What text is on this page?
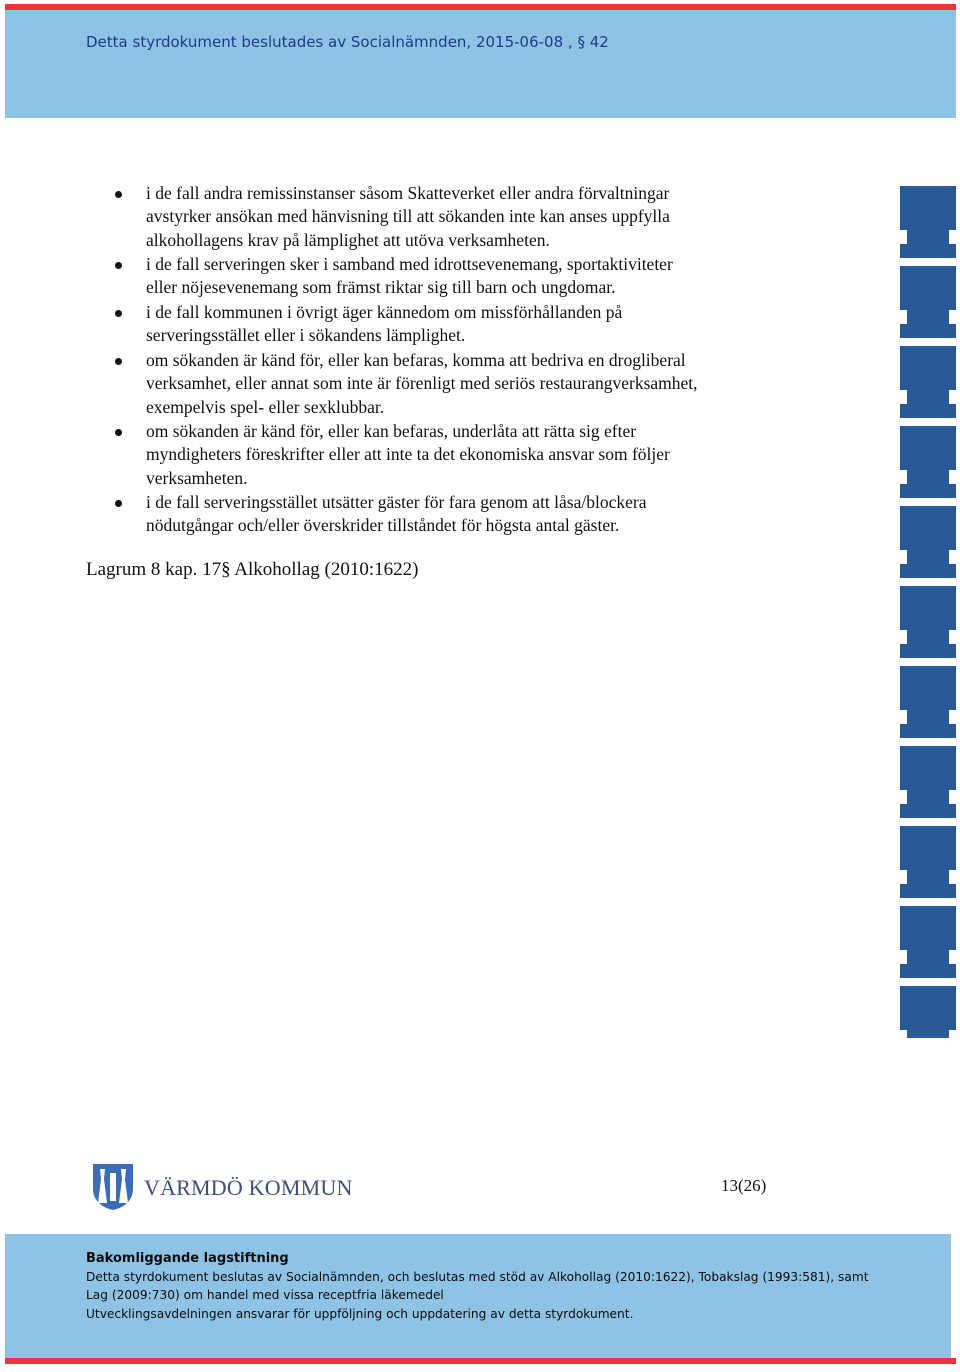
Detta styrdokument beslutades av Socialnämnden, 2015-06-08 , § 42
i de fall andra remissinstanser såsom Skatteverket eller andra förvaltningar
avstyrker ansökan med hänvisning till att sökanden inte kan anses uppfylla
alkohollagens krav på lämplighet att utöva verksamheten.
i de fall serveringen sker i samband med idrottsevenemang, sportaktiviteter
eller nöjesevenemang som främst riktar sig till barn och ungdomar.
i de fall kommunen i övrigt äger kännedom om missförhållanden på
serveringsstället eller i sökandens lämplighet.
om sökanden är känd för, eller kan befaras, komma att bedriva en drogliberal
verksamhet, eller annat som inte är förenligt med seriös restaurangverksamhet,
exempelvis spel- eller sexklubbar.
om sökanden är känd för, eller kan befaras, underlåta att rätta sig efter
myndigheters föreskrifter eller att inte ta det ekonomiska ansvar som följer
verksamheten.
i de fall serveringsstället utsätter gäster för fara genom att låsa/blockera
nödutgångar och/eller överskrider tillståndet för högsta antal gäster.
Lagrum 8 kap. 17§ Alkohollag (2010:1622)
VÄRMDÖ KOMMUN	13(26)
Bakomliggande lagstiftning
Detta styrdokument beslutas av Socialnämnden, och beslutas med stöd av Alkohollag (2010:1622), Tobakslag (1993:581), samt
Lag (2009:730) om handel med vissa receptfria läkemedel
Utvecklingsavdelningen ansvarar för uppföljning och uppdatering av detta styrdokument.
